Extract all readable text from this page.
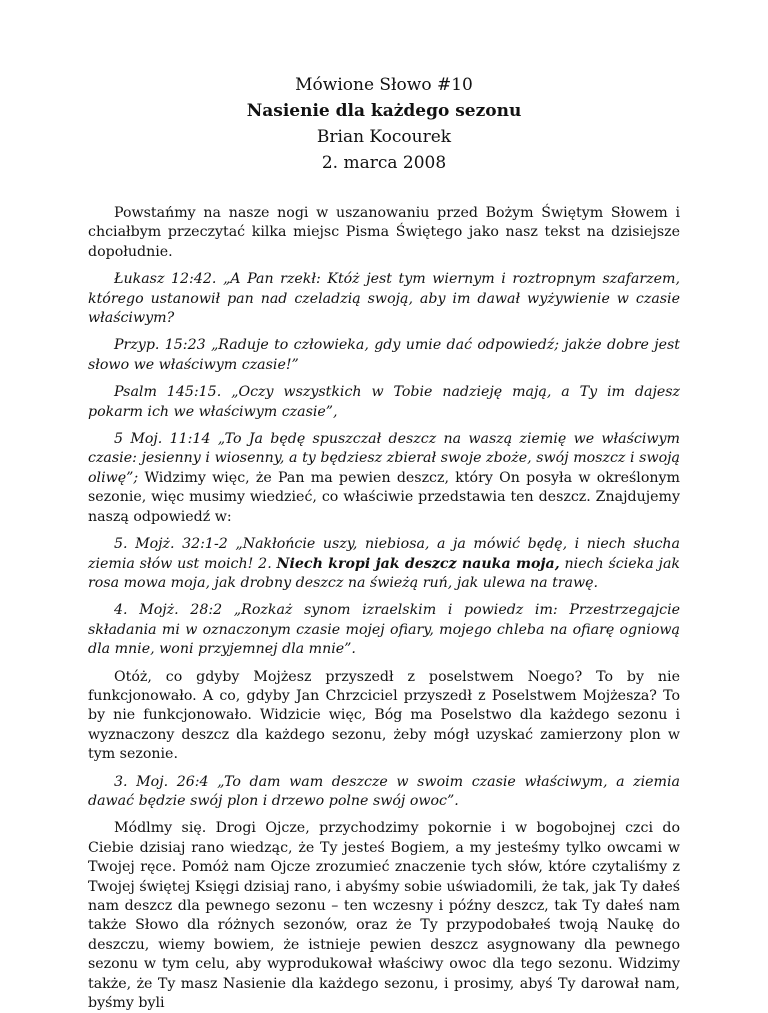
Mówione Słowo #10
Nasienie dla każdego sezonu
Brian Kocourek
2. marca 2008

Powstańmy na nasze nogi w uszanowaniu przed Bożym Świętym Słowem i chciałbym przeczytać kilka miejsc Pisma Świętego jako nasz tekst na dzisiejsze dopołudnie.

Łukasz 12:42. „A Pan rzekł: Któż jest tym wiernym i roztropnym szafarzem, którego ustanowił pan nad czeladzią swoją, aby im dawał wyżywienie w czasie właściwym?

Przyp. 15:23 „Raduje to człowieka, gdy umie dać odpowiedź; jakże dobre jest słowo we właściwym czasie!”

Psalm 145:15. „Oczy wszystkich w Tobie nadzieję mają, a Ty im dajesz pokarm ich we właściwym czasie”,

5 Moj. 11:14 „To Ja będę spuszczał deszcz na waszą ziemię we właściwym czasie: jesienny i wiosenny, a ty będziesz zbierał swoje zboże, swój moszcz i swoją oliwę”; Widzimy więc, że Pan ma pewien deszcz, który On posyła w określonym sezonie, więc musimy wiedzieć, co właściwie przedstawia ten deszcz. Znajdujemy naszą odpowiedź w:

5. Mojż. 32:1-2 „Nakłońcie uszy, niebiosa, a ja mówić będę, i niech słucha ziemia słów ust moich! 2. Niech kropi jak deszcz nauka moja, niech ścieka jak rosa mowa moja, jak drobny deszcz na świeżą ruń, jak ulewa na trawę.

4. Mojż. 28:2 „Rozkaż synom izraelskim i powiedz im: Przestrzegajcie składania mi w oznaczonym czasie mojej ofiary, mojego chleba na ofiarę ogniową dla mnie, woni przyjemnej dla mnie”.

Otóż, co gdyby Mojżesz przyszedł z poselstwem Noego? To by nie funkcjonowało. A co, gdyby Jan Chrzciciel przyszedł z Poselstwem Mojżesza? To by nie funkcjonowało. Widzicie więc, Bóg ma Poselstwo dla każdego sezonu i wyznaczony deszcz dla każdego sezonu, żeby mógł uzyskać zamierzony plon w tym sezonie.

3. Moj. 26:4 „To dam wam deszcze w swoim czasie właściwym, a ziemia dawać będzie swój plon i drzewo polne swój owoc”.

Módlmy się. Drogi Ojcze, przychodzimy pokornie i w bogobojnej czci do Ciebie dzisiaj rano wiedząc, że Ty jesteś Bogiem, a my jesteśmy tylko owcami w Twojej ręce. Pomóż nam Ojcze zrozumieć znaczenie tych słów, które czytaliśmy z Twojej świętej Księgi dzisiaj rano, i abyśmy sobie uświadomili, że tak, jak Ty dałeś nam deszcz dla pewnego sezonu – ten wczesny i późny deszcz, tak Ty dałeś nam także Słowo dla różnych sezonów, oraz że Ty przypodobałeś twoją Naukę do deszczu, wiemy bowiem, że istnieje pewien deszcz asygnowany dla pewnego sezonu w tym celu, aby wyprodukował właściwy owoc dla tego sezonu. Widzimy także, że Ty masz Nasienie dla każdego sezonu, i prosimy, abyś Ty darował nam, byśmy byli
